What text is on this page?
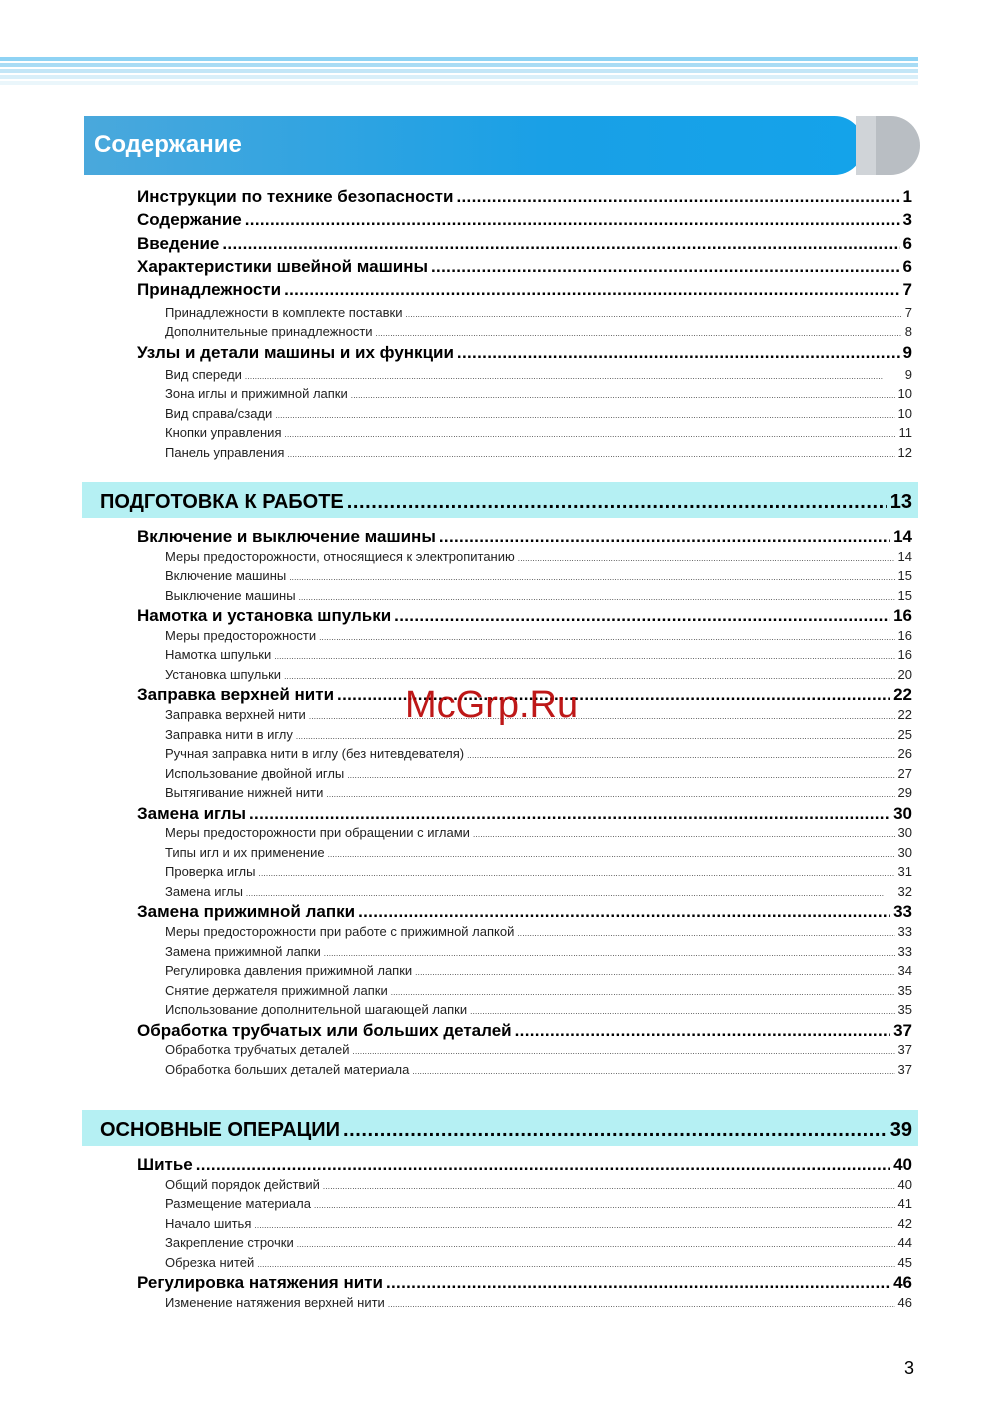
Содержание
Инструкции по технике безопасности . . .	1
Содержание . . .	3
Введение . . .	6
Характеристики швейной машины . . .	6
Принадлежности . . .	7
Принадлежности в комплекте поставки . . .	7
Дополнительные принадлежности . . .	8
Узлы и детали машины и их функции . . .	9
Вид спереди . . .	9
Зона иглы и прижимной лапки . . .	10
Вид справа/сзади . . .	10
Кнопки управления . . .	11
Панель управления . . .	12
ПОДГОТОВКА К РАБОТЕ . . .	13
Включение и выключение машины . . .	14
Меры предосторожности, относящиеся к электропитанию . . .	14
Включение машины . . .	15
Выключение машины . . .	15
Намотка и установка шпульки . . .	16
Меры предосторожности . . .	16
Намотка шпульки . . .	16
Установка шпульки . . .	20
Заправка верхней нити . . .	22
Заправка верхней нити . . .	22
Заправка нити в иглу . . .	25
Ручная заправка нити в иглу (без нитевдевателя) . . .	26
Использование двойной иглы . . .	27
Вытягивание нижней нити . . .	29
Замена иглы . . .	30
Меры предосторожности при обращении с иглами . . .	30
Типы игл и их применение . . .	30
Проверка иглы . . .	31
Замена иглы . . .	32
Замена прижимной лапки . . .	33
Меры предосторожности при работе с прижимной лапкой . . .	33
Замена прижимной лапки . . .	33
Регулировка давления прижимной лапки . . .	34
Снятие держателя прижимной лапки . . .	35
Использование дополнительной шагающей лапки . . .	35
Обработка трубчатых или больших деталей . . .	37
Обработка трубчатых деталей . . .	37
Обработка больших деталей материала . . .	37
ОСНОВНЫЕ ОПЕРАЦИИ . . .	39
Шитье . . .	40
Общий порядок действий . . .	40
Размещение материала . . .	41
Начало шитья . . .	42
Закрепление строчки . . .	44
Обрезка нитей . . .	45
Регулировка натяжения нити . . .	46
Изменение натяжения верхней нити . . .	46
McGrp.Ru
3
